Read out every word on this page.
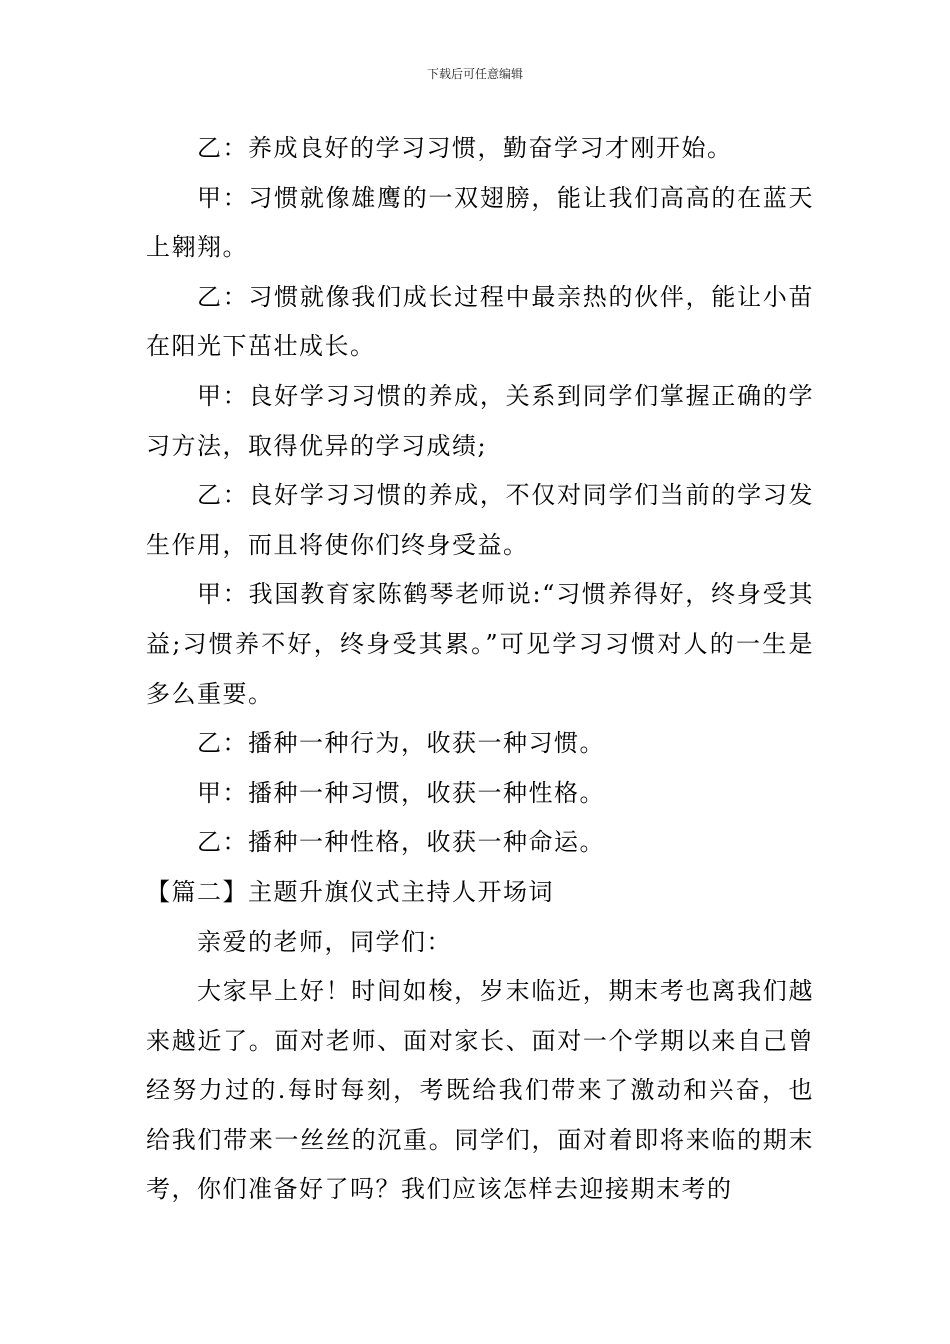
下载后可任意编辑

乙：养成良好的学习习惯，勤奋学习才刚开始。

甲：习惯就像雄鹰的一双翅膀，能让我们高高的在蓝天上翱翔。

乙：习惯就像我们成长过程中最亲热的伙伴，能让小苗在阳光下茁壮成长。

甲：良好学习习惯的养成，关系到同学们掌握正确的学习方法，取得优异的学习成绩;

乙：良好学习习惯的养成，不仅对同学们当前的学习发生作用，而且将使你们终身受益。

甲：我国教育家陈鹤琴老师说:“习惯养得好，终身受其益;习惯养不好，终身受其累。”可见学习习惯对人的一生是多么重要。

乙：播种一种行为，收获一种习惯。

甲：播种一种习惯，收获一种性格。

乙：播种一种性格，收获一种命运。

【篇二】主题升旗仪式主持人开场词

亲爱的老师，同学们：

大家早上好！时间如梭，岁末临近，期末考也离我们越来越近了。面对老师、面对家长、面对一个学期以来自己曾经努力过的.每时每刻，考既给我们带来了激动和兴奋，也给我们带来一丝丝的沉重。同学们，面对着即将来临的期末考，你们准备好了吗？我们应该怎样去迎接期末考的
